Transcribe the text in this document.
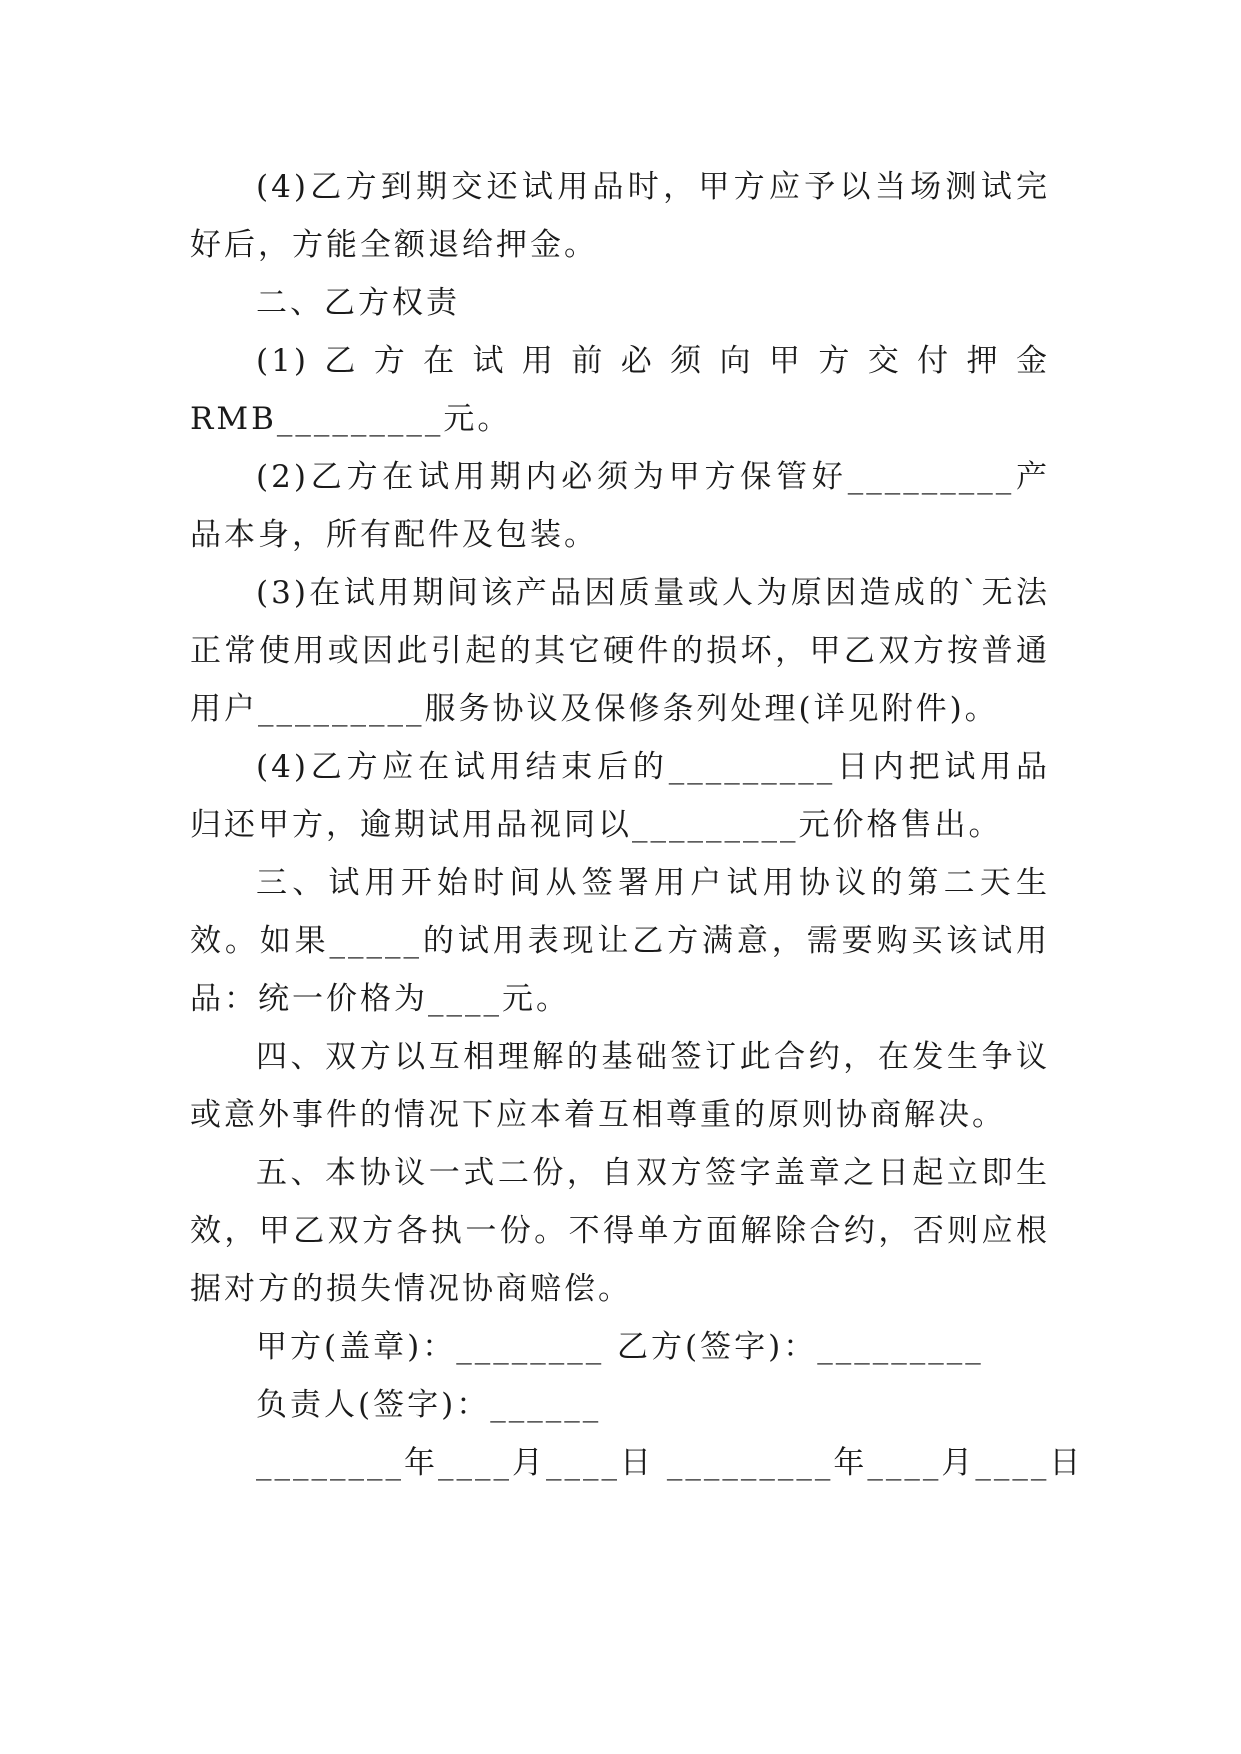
(4)乙方到期交还试用品时，甲方应予以当场测试完好后，方能全额退给押金。

二、乙方权责

(1)乙方在试用前必须向甲方交付押金 RMB_________元。

(2)乙方在试用期内必须为甲方保管好_________产品本身，所有配件及包装。

(3)在试用期间该产品因质量或人为原因造成的`无法正常使用或因此引起的其它硬件的损坏，甲乙双方按普通用户_________服务协议及保修条列处理(详见附件)。

(4)乙方应在试用结束后的_________日内把试用品归还甲方，逾期试用品视同以_________元价格售出。

三、试用开始时间从签署用户试用协议的第二天生效。如果_____的试用表现让乙方满意，需要购买该试用品：统一价格为____元。

四、双方以互相理解的基础签订此合约，在发生争议或意外事件的情况下应本着互相尊重的原则协商解决。

五、本协议一式二份，自双方签字盖章之日起立即生效，甲乙双方各执一份。不得单方面解除合约，否则应根据对方的损失情况协商赔偿。

甲方(盖章)：________ 乙方(签字)：_________

负责人(签字)：______

________年____月____日 _________年____月____日
